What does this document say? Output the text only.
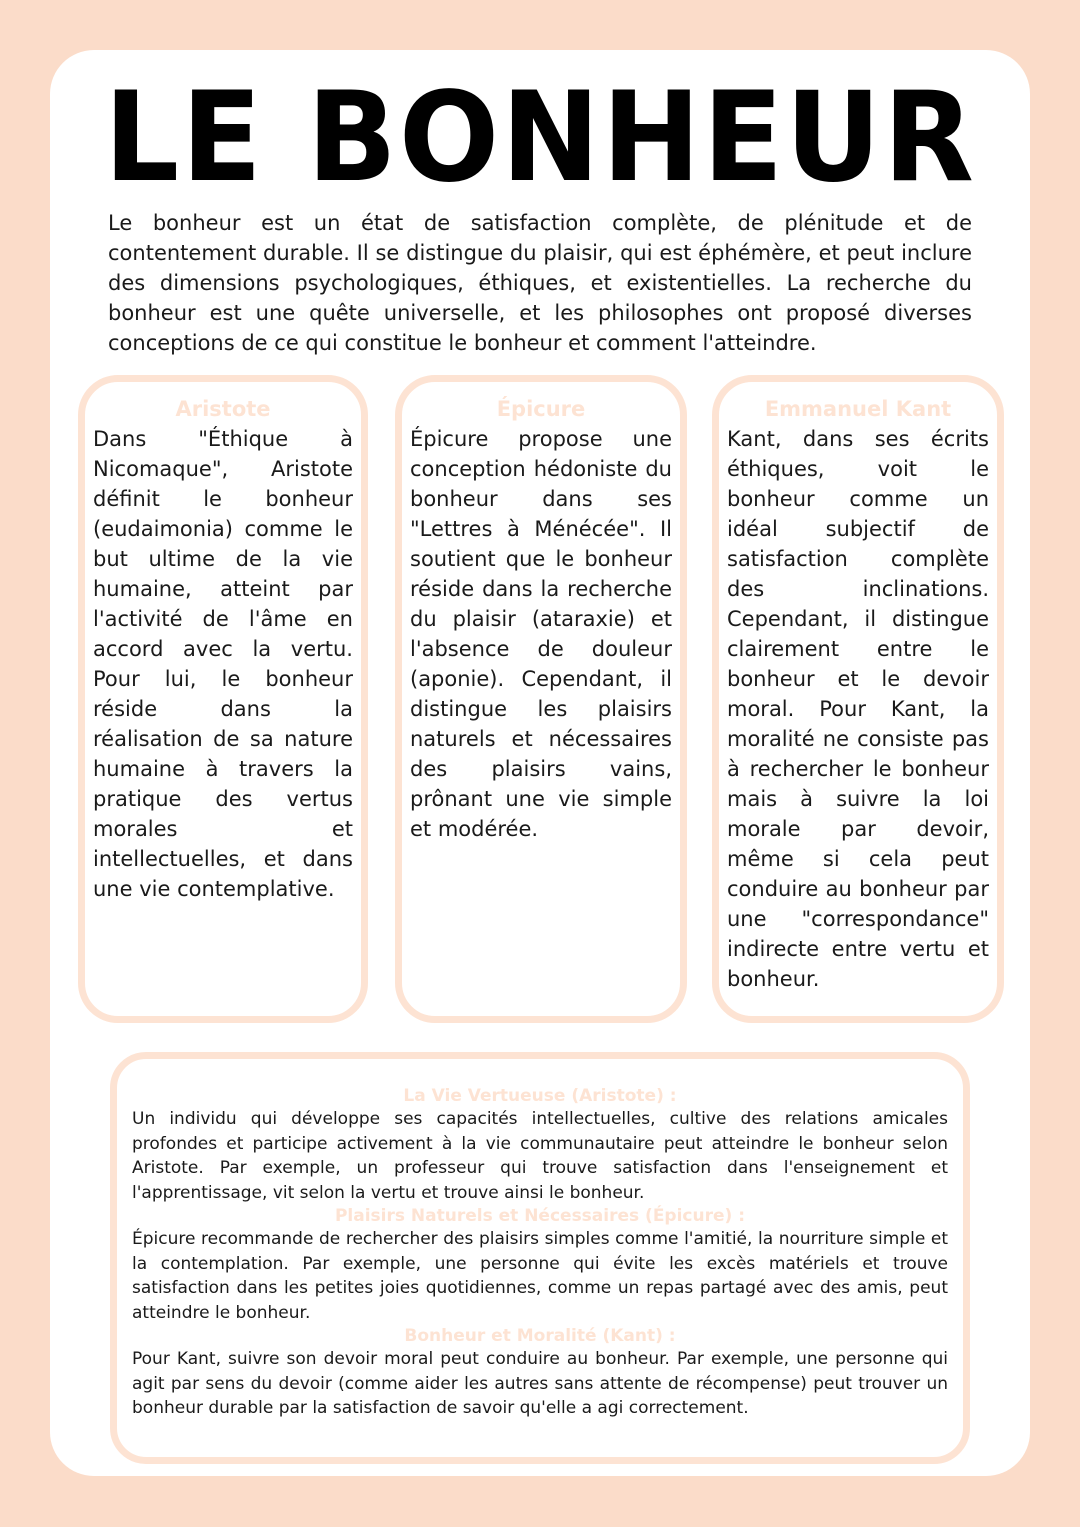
LE BONHEUR

Le bonheur est un état de satisfaction complète, de plénitude et de contentement durable. Il se distingue du plaisir, qui est éphémère, et peut inclure des dimensions psychologiques, éthiques, et existentielles. La recherche du bonheur est une quête universelle, et les philosophes ont proposé diverses conceptions de ce qui constitue le bonheur et comment l'atteindre.

Aristote

Dans "Éthique à Nicomaque", Aristote définit le bonheur (eudaimonia) comme le but ultime de la vie humaine, atteint par l'activité de l'âme en accord avec la vertu. Pour lui, le bonheur réside dans la réalisation de sa nature humaine à travers la pratique des vertus morales et intellectuelles, et dans une vie contemplative.

Épicure

Épicure propose une conception hédoniste du bonheur dans ses "Lettres à Ménécée". Il soutient que le bonheur réside dans la recherche du plaisir (ataraxie) et l'absence de douleur (aponie). Cependant, il distingue les plaisirs naturels et nécessaires des plaisirs vains, prônant une vie simple et modérée.

Emmanuel Kant

Kant, dans ses écrits éthiques, voit le bonheur comme un idéal subjectif de satisfaction complète des inclinations. Cependant, il distingue clairement entre le bonheur et le devoir moral. Pour Kant, la moralité ne consiste pas à rechercher le bonheur mais à suivre la loi morale par devoir, même si cela peut conduire au bonheur par une "correspondance" indirecte entre vertu et bonheur.

La Vie Vertueuse (Aristote) :

Un individu qui développe ses capacités intellectuelles, cultive des relations amicales profondes et participe activement à la vie communautaire peut atteindre le bonheur selon Aristote. Par exemple, un professeur qui trouve satisfaction dans l'enseignement et l'apprentissage, vit selon la vertu et trouve ainsi le bonheur.

Plaisirs Naturels et Nécessaires (Épicure) :

Épicure recommande de rechercher des plaisirs simples comme l'amitié, la nourriture simple et la contemplation. Par exemple, une personne qui évite les excès matériels et trouve satisfaction dans les petites joies quotidiennes, comme un repas partagé avec des amis, peut atteindre le bonheur.

Bonheur et Moralité (Kant) :

Pour Kant, suivre son devoir moral peut conduire au bonheur. Par exemple, une personne qui agit par sens du devoir (comme aider les autres sans attente de récompense) peut trouver un bonheur durable par la satisfaction de savoir qu'elle a agi correctement.
